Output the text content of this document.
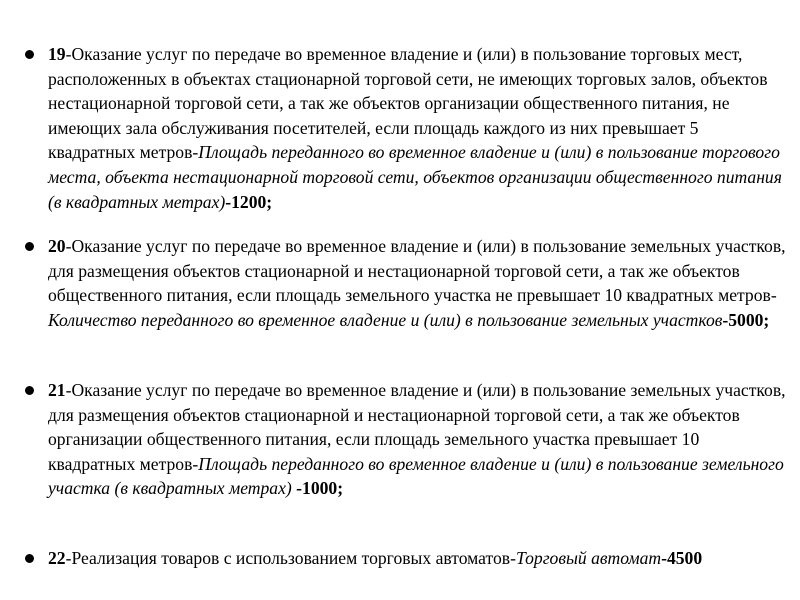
19-Оказание услуг по передаче во временное владение и (или) в пользование торговых мест, расположенных в объектах стационарной торговой сети, не имеющих торговых залов, объектов нестационарной торговой сети, а так же объектов организации общественного питания, не имеющих зала обслуживания посетителей, если площадь каждого из них превышает 5 квадратных метров-Площадь переданного во временное владение и (или) в пользование торгового места, объекта нестационарной торговой сети, объектов организации общественного питания (в квадратных метрах)-1200;
20-Оказание услуг по передаче во временное владение и (или) в пользование земельных участков, для размещения объектов стационарной и нестационарной торговой сети, а так же объектов общественного питания, если площадь земельного участка не превышает 10 квадратных метров-Количество переданного во временное владение и (или) в пользование земельных участков-5000;
21-Оказание услуг по передаче во временное владение и (или) в пользование земельных участков, для размещения объектов стационарной и нестационарной торговой сети, а так же объектов организации общественного питания, если площадь земельного участка превышает 10 квадратных метров-Площадь переданного во временное владение и (или) в пользование земельного участка (в квадратных метрах) -1000;
22-Реализация товаров с использованием торговых автоматов-Торговый автомат-4500
